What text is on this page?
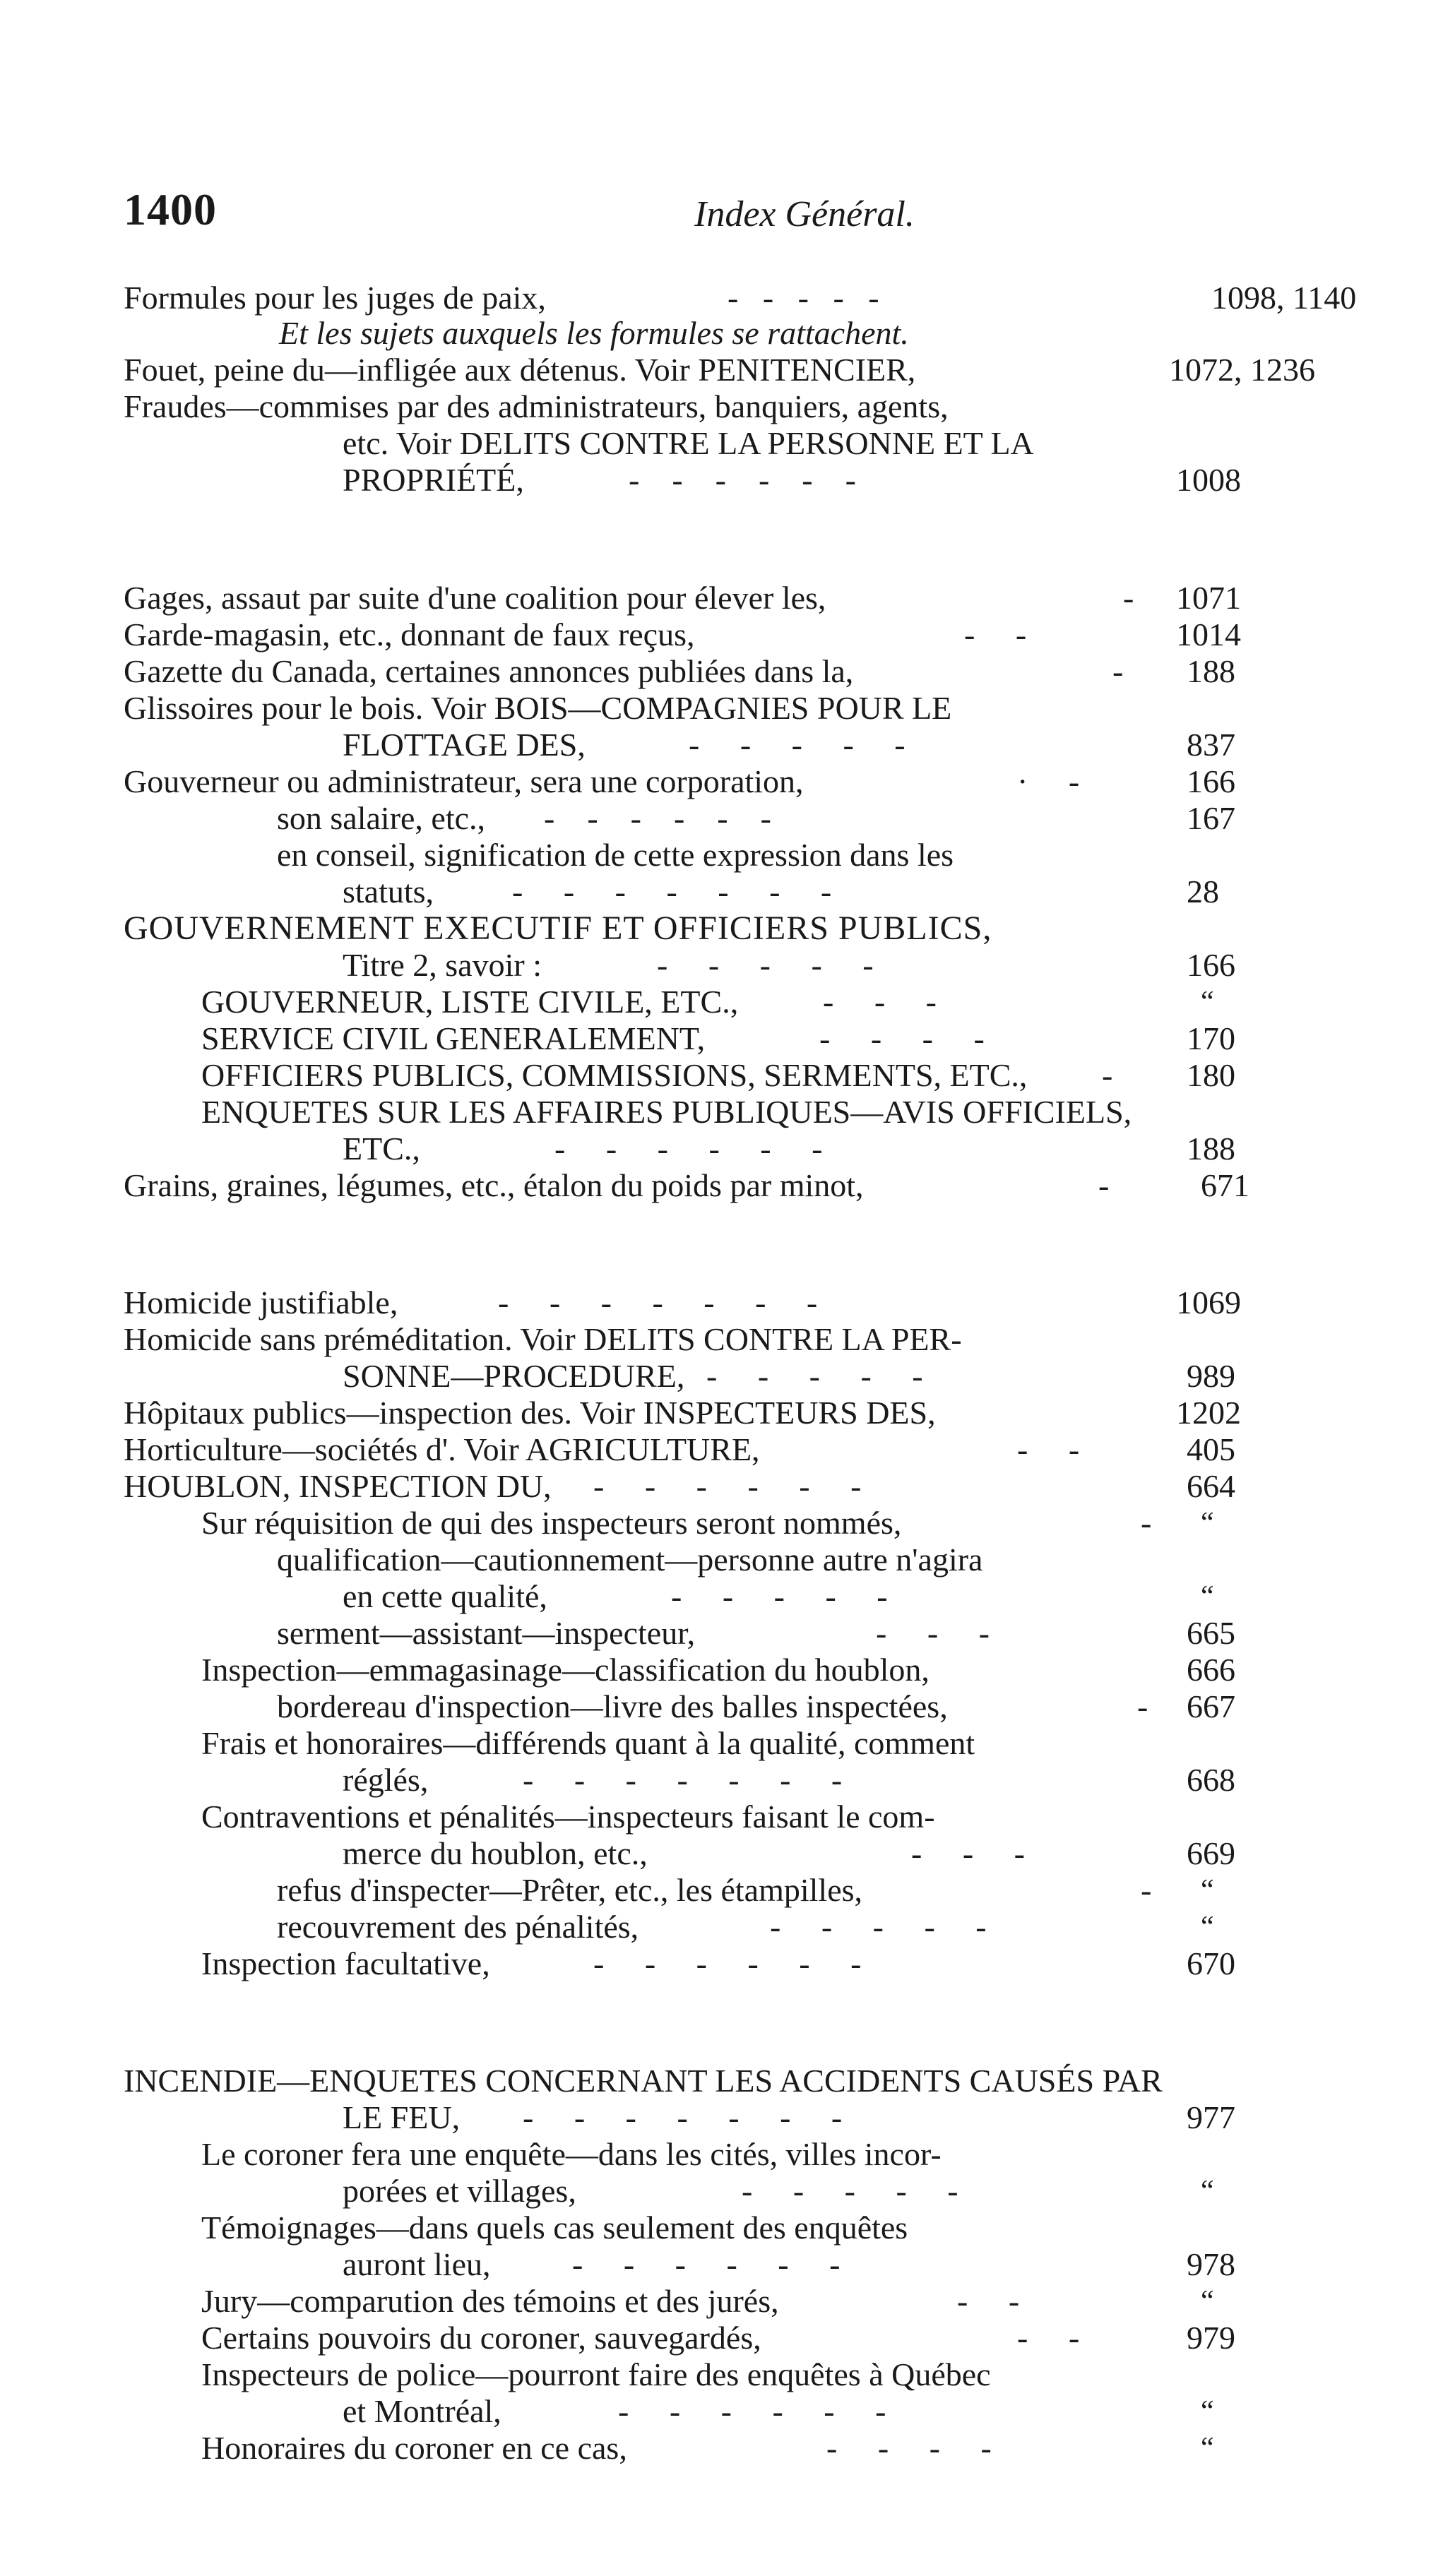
1400	Index Général.
Formules pour les juges de paix,	-   -   -   -   -	1098, 1140
Et les sujets auxquels les formules se rattachent.
Fouet, peine du—infligée aux détenus. Voir PENITENCIER,	1072, 1236
Fraudes—commises par des administrateurs, banquiers, agents,
etc. Voir DELITS CONTRE LA PERSONNE ET LA
PROPRIÉTÉ,	-    -    -    -    -    -	1008
Gages, assaut par suite d'une coalition pour élever les,	- 1071
Garde-magasin, etc., donnant de faux reçus,	-     -	1014
Gazette du Canada, certaines annonces publiées dans la,	- 188
Glissoires pour le bois. Voir BOIS—COMPAGNIES POUR LE
FLOTTAGE DES,	-     -     -     -     -	837
Gouverneur ou administrateur, sera une corporation,	·     -	166
son salaire, etc., -    -    -    -    -    -	167
en conseil, signification de cette expression dans les
statuts, -     -     -     -     -     -     -	28
GOUVERNEMENT EXECUTIF ET OFFICIERS PUBLICS,
Titre 2, savoir :	-     -     -     -     -	166
GOUVERNEUR, LISTE CIVILE, ETC.,	-     -     -	“
SERVICE CIVIL GENERALEMENT,	-     -     -     -	170
OFFICIERS PUBLICS, COMMISSIONS, SERMENTS, ETC., - 180
ENQUETES SUR LES AFFAIRES PUBLIQUES—AVIS OFFICIELS,
ETC.,	-     -     -     -     -     -	188
Grains, graines, légumes, etc., étalon du poids par minot,	-	671
Homicide justifiable,	-     -     -     -     -     -     -	1069
Homicide sans préméditation. Voir DELITS CONTRE LA PER-
SONNE—PROCEDURE, -     -     -     -     -	989
Hôpitaux publics—inspection des. Voir INSPECTEURS DES,	1202
Horticulture—sociétés d'. Voir AGRICULTURE,	-     -	405
HOUBLON, INSPECTION DU, -     -     -     -     -     -	664
Sur réquisition de qui des inspecteurs seront nommés,	- “
qualification—cautionnement—personne autre n'agira
en cette qualité,	-     -     -     -     -	“
serment—assistant—inspecteur,	-     -     -	665
Inspection—emmagasinage—classification du houblon,	666
bordereau d'inspection—livre des balles inspectées,	- 667
Frais et honoraires—différends quant à la qualité, comment
réglés,	-     -     -     -     -     -     -	668
Contraventions et pénalités—inspecteurs faisant le com-
merce du houblon, etc.,	-     -     -	669
refus d'inspecter—Prêter, etc., les étampilles,	- “
recouvrement des pénalités,	-     -     -     -     -	“
Inspection facultative,	-     -     -     -     -     -	670
INCENDIE—ENQUETES CONCERNANT LES ACCIDENTS CAUSÉS PAR
LE FEU, -     -     -     -     -     -     -	977
Le coroner fera une enquête—dans les cités, villes incor-
porées et villages,	-     -     -     -     -	“
Témoignages—dans quels cas seulement des enquêtes
auront lieu,	-     -     -     -     -     -	978
Jury—comparution des témoins et des jurés,	-     -	“
Certains pouvoirs du coroner, sauvegardés,	-     -	979
Inspecteurs de police—pourront faire des enquêtes à Québec
et Montréal,	-     -     -     -     -     -	“
Honoraires du coroner en ce cas,	-     -     -     -	“
